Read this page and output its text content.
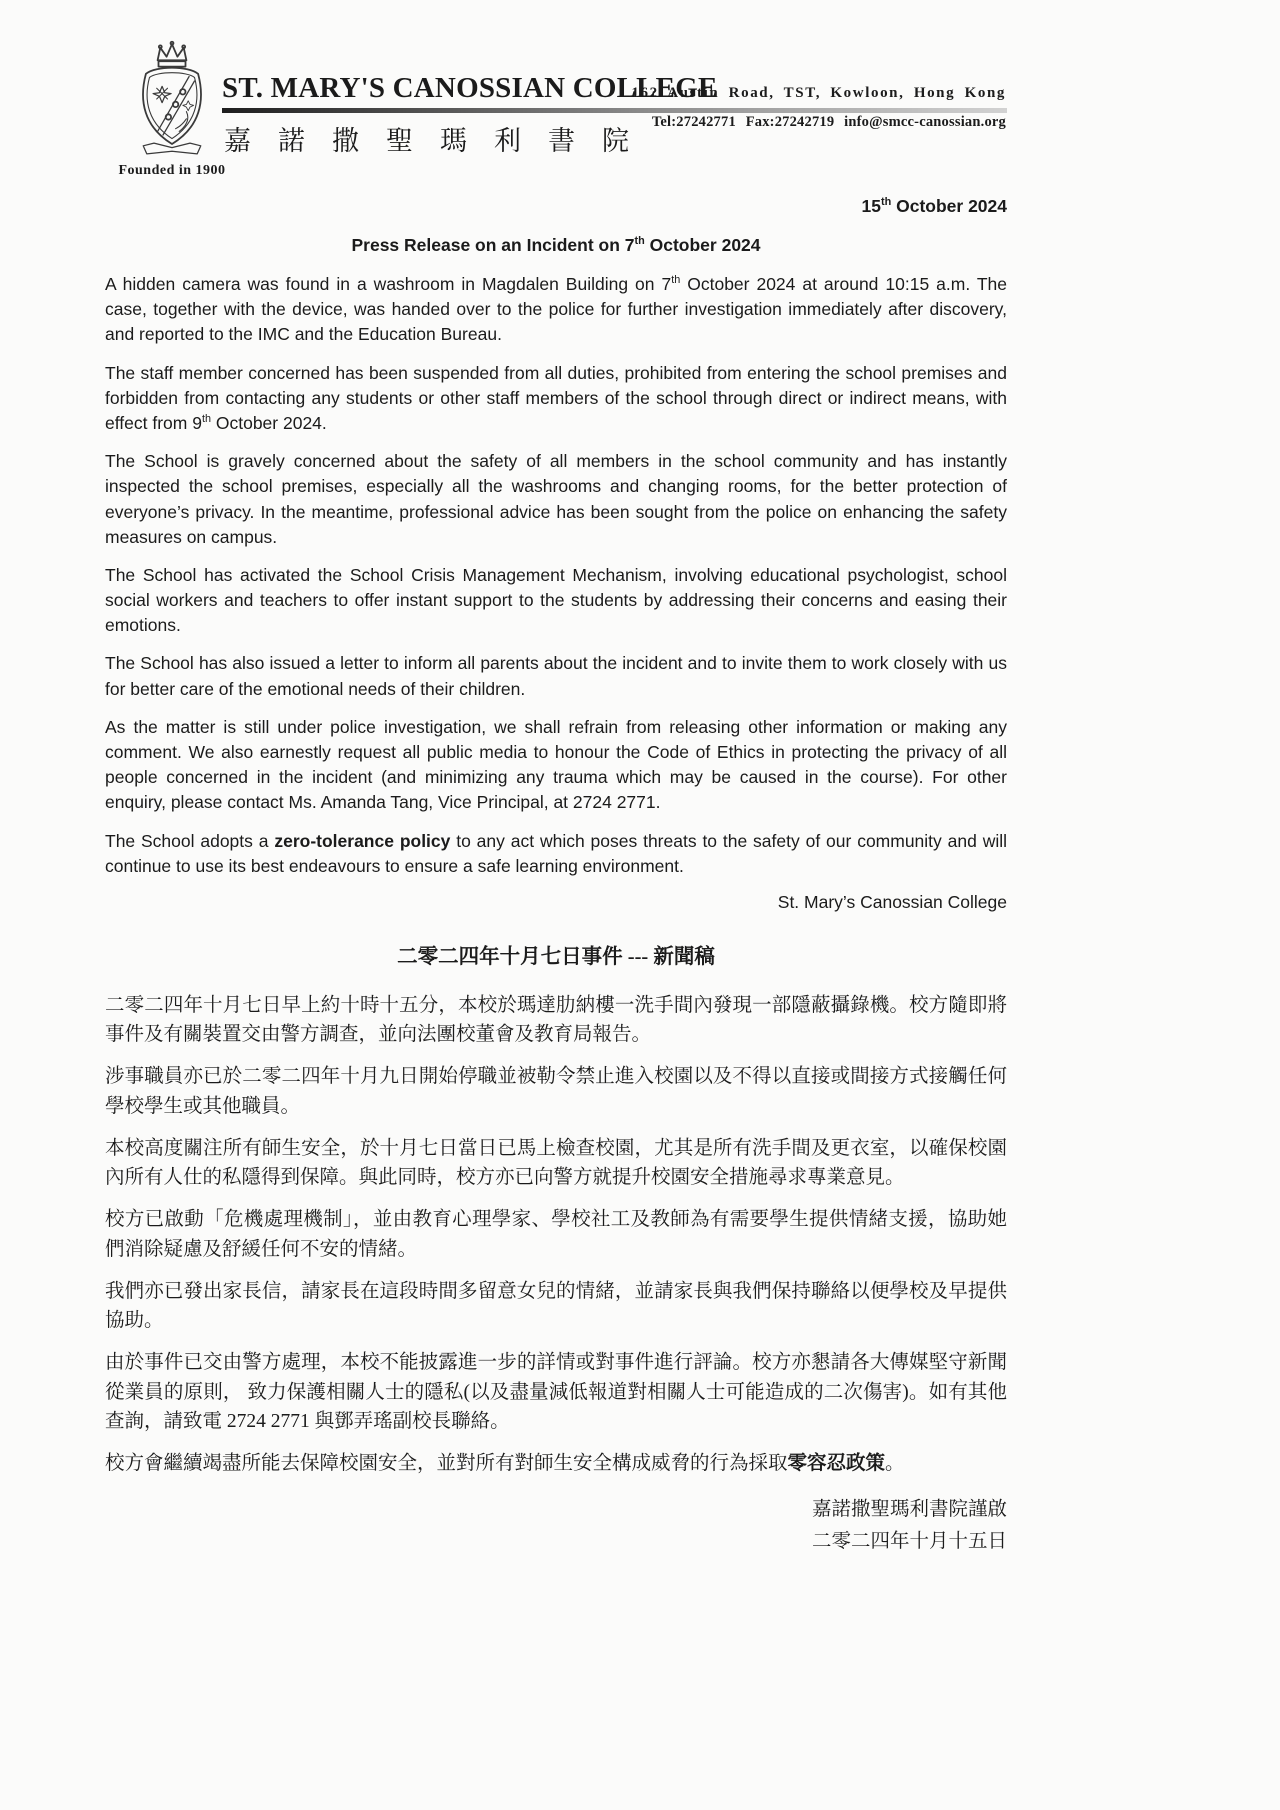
Founded in 1900
ST. MARY'S CANOSSIAN COLLEGE
嘉諾撒聖瑪利書院
162 Austin Road, TST, Kowloon, Hong Kong
Tel:27242771 Fax:27242719 info@smcc-canossian.org
15th October 2024
Press Release on an Incident on 7th October 2024

A hidden camera was found in a washroom in Magdalen Building on 7th October 2024 at around 10:15 a.m. The case, together with the device, was handed over to the police for further investigation immediately after discovery, and reported to the IMC and the Education Bureau.

The staff member concerned has been suspended from all duties, prohibited from entering the school premises and forbidden from contacting any students or other staff members of the school through direct or indirect means, with effect from 9th October 2024.

The School is gravely concerned about the safety of all members in the school community and has instantly inspected the school premises, especially all the washrooms and changing rooms, for the better protection of everyone’s privacy. In the meantime, professional advice has been sought from the police on enhancing the safety measures on campus.

The School has activated the School Crisis Management Mechanism, involving educational psychologist, school social workers and teachers to offer instant support to the students by addressing their concerns and easing their emotions.

The School has also issued a letter to inform all parents about the incident and to invite them to work closely with us for better care of the emotional needs of their children.

As the matter is still under police investigation, we shall refrain from releasing other information or making any comment. We also earnestly request all public media to honour the Code of Ethics in protecting the privacy of all people concerned in the incident (and minimizing any trauma which may be caused in the course). For other enquiry, please contact Ms. Amanda Tang, Vice Principal, at 2724 2771.

The School adopts a zero-tolerance policy to any act which poses threats to the safety of our community and will continue to use its best endeavours to ensure a safe learning environment.

St. Mary’s Canossian College
二零二四年十月七日事件 --- 新聞稿

二零二四年十月七日早上約十時十五分，本校於瑪達肋納樓一洗手間內發現一部隱蔽攝錄機。校方隨即將事件及有關裝置交由警方調查，並向法團校董會及教育局報告。

涉事職員亦已於二零二四年十月九日開始停職並被勒令禁止進入校園以及不得以直接或間接方式接觸任何學校學生或其他職員。

本校高度關注所有師生安全，於十月七日當日已馬上檢查校園，尤其是所有洗手間及更衣室，以確保校園內所有人仕的私隱得到保障。與此同時，校方亦已向警方就提升校園安全措施尋求專業意見。

校方已啟動「危機處理機制」，並由教育心理學家、學校社工及教師為有需要學生提供情緒支援，協助她們消除疑慮及舒緩任何不安的情緒。

我們亦已發出家長信，請家長在這段時間多留意女兒的情緒，並請家長與我們保持聯絡以便學校及早提供協助。

由於事件已交由警方處理，本校不能披露進一步的詳情或對事件進行評論。校方亦懇請各大傳媒堅守新聞從業員的原則， 致力保護相關人士的隱私(以及盡量減低報道對相關人士可能造成的二次傷害)。如有其他查詢，請致電 2724 2771 與鄧弄瑤副校長聯絡。

校方會繼續竭盡所能去保障校園安全，並對所有對師生安全構成威脅的行為採取零容忍政策。

嘉諾撒聖瑪利書院謹啟
二零二四年十月十五日
